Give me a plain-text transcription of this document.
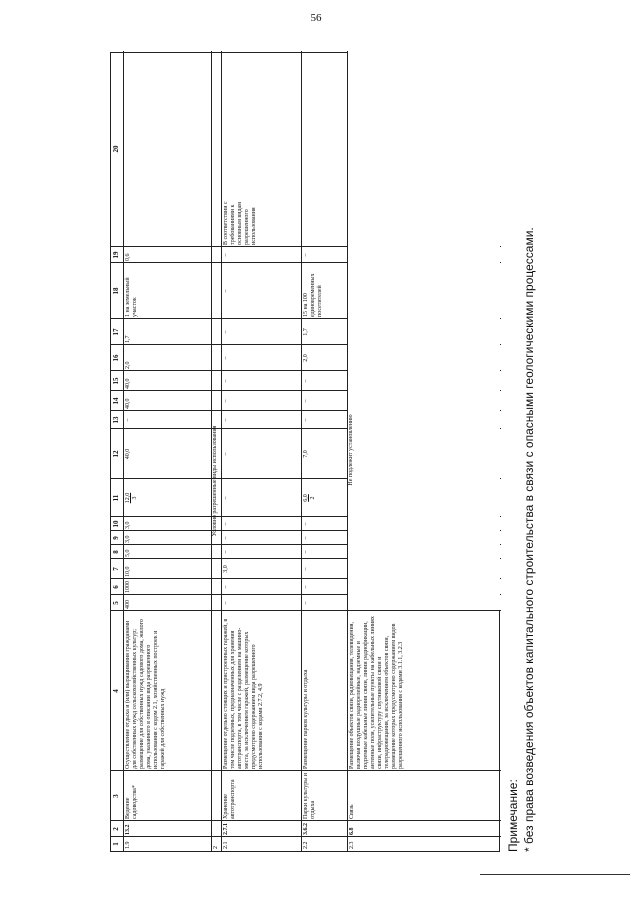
56
1
2
3
4
5
6
7
8
9
10
11
12
13
14
15
16
17
18
19
20
1.9
13.2
Ведение садоводства*
Осуществление отдыха и (или) выращивания гражданами для собственных нужд сельскохозяйственных культур; размещение для собственных нужд садового дома, жилого дома, указанного в описании вида разрешенного использования с кодом 2.1, хозяйственных построек и гаражей для собственных нужд
400
1000
10,0
5,0
3,0
3,0
12,0 3
40,0
–
40,0
40,0
2,0
1,7
1 на земельный участок
0,6
2
Условно разрешенные виды использования
2.1
2.7.1
Хранение автотранспорта
Размещение отдельно стоящих и пристроенных гаражей, в том числе подземных, предназначенных для хранения автотранспорта, в том числе с разделением на машино-места, за исключением гаражей, размещение которых предусмотрено содержанием вида разрешенного использования с кодами 2.7.2, 4.9
–
–
3,0
–
–
–
–
–
–
–
–
–
–
–
–
В соответствии с требованиями к основным видам разрешенного использования
2.2
3.6.2
Парки культуры и отдыха
Размещение парков культуры и отдыха
–
–
–
–
–
–
6,0 2
7,0
–
–
–
2,0
1,7
15 на 100 единовременных посетителей
–
2.3
6.8
Связь
Размещение объектов связи, радиовещания, телевидения, включая воздушные радиорелейные, надземные и подземные кабельные линии связи, линии радиофикации, антенные поля, усилительные пункты на кабельных линиях связи, инфраструктуру спутниковой связи и телерадиовещания, за исключением объектов связи, размещение которых предусмотрено содержанием видов разрешенного использования с кодами 3.1.1, 3.2.3
Не подлежит установлению
Примечание: * без права возведения объектов капитального строительства в связи с опасными геологическими процессами.
